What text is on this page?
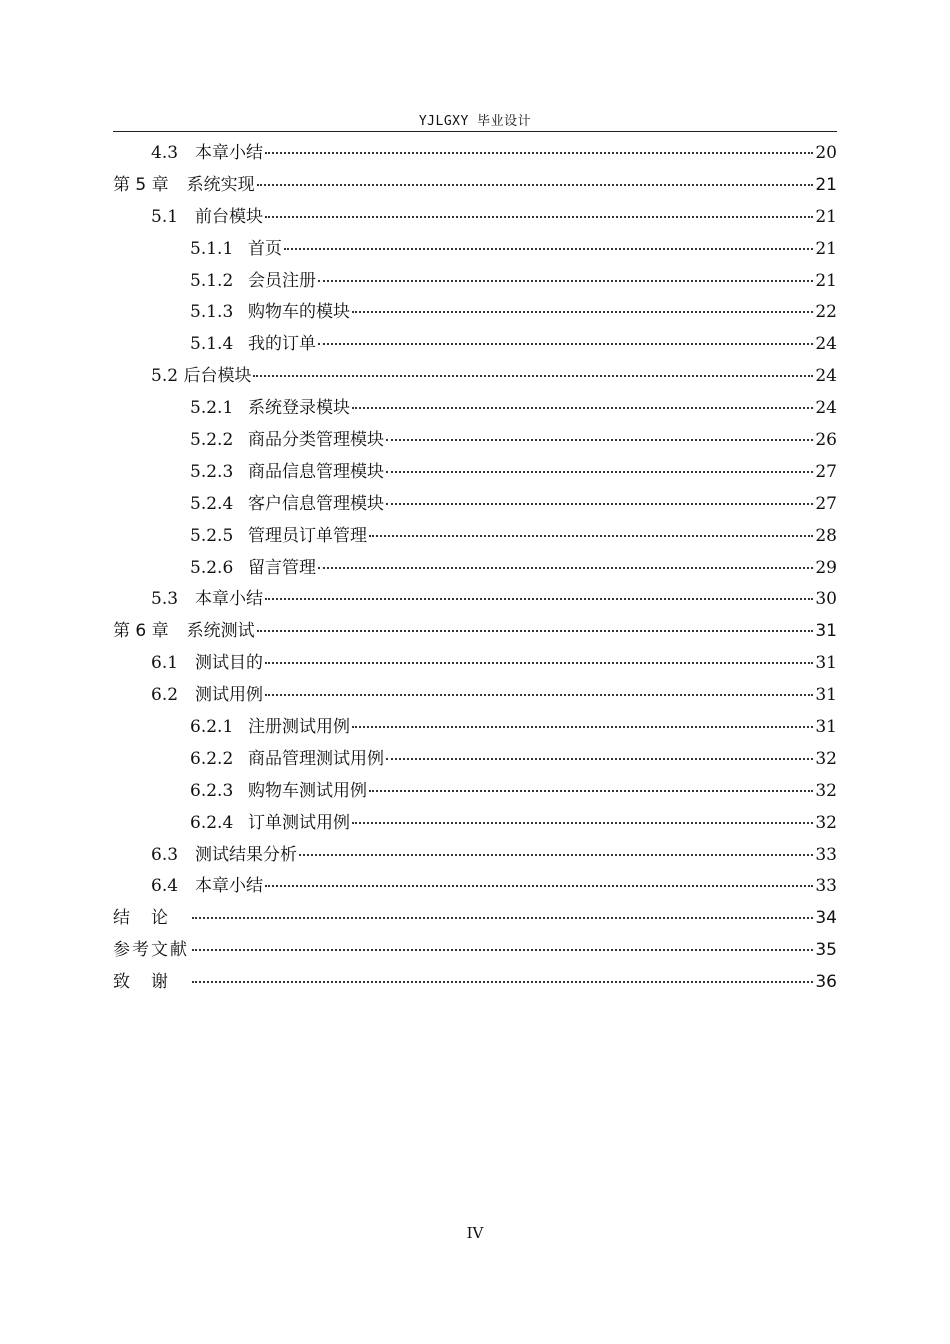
YJLGXY 毕业设计
4.3 本章小结	20
第 5 章 系统实现	21
5.1 前台模块	21
5.1.1 首页	21
5.1.2 会员注册	21
5.1.3 购物车的模块	22
5.1.4 我的订单	24
5.2 后台模块	24
5.2.1 系统登录模块	24
5.2.2 商品分类管理模块	26
5.2.3 商品信息管理模块	27
5.2.4 客户信息管理模块	27
5.2.5 管理员订单管理	28
5.2.6 留言管理	29
5.3 本章小结	30
第 6 章 系统测试	31
6.1 测试目的	31
6.2 测试用例	31
6.2.1 注册测试用例	31
6.2.2 商品管理测试用例	32
6.2.3 购物车测试用例	32
6.2.4 订单测试用例	32
6.3 测试结果分析	33
6.4 本章小结	33
结　论	34
参考文献	35
致　谢	36
IV
